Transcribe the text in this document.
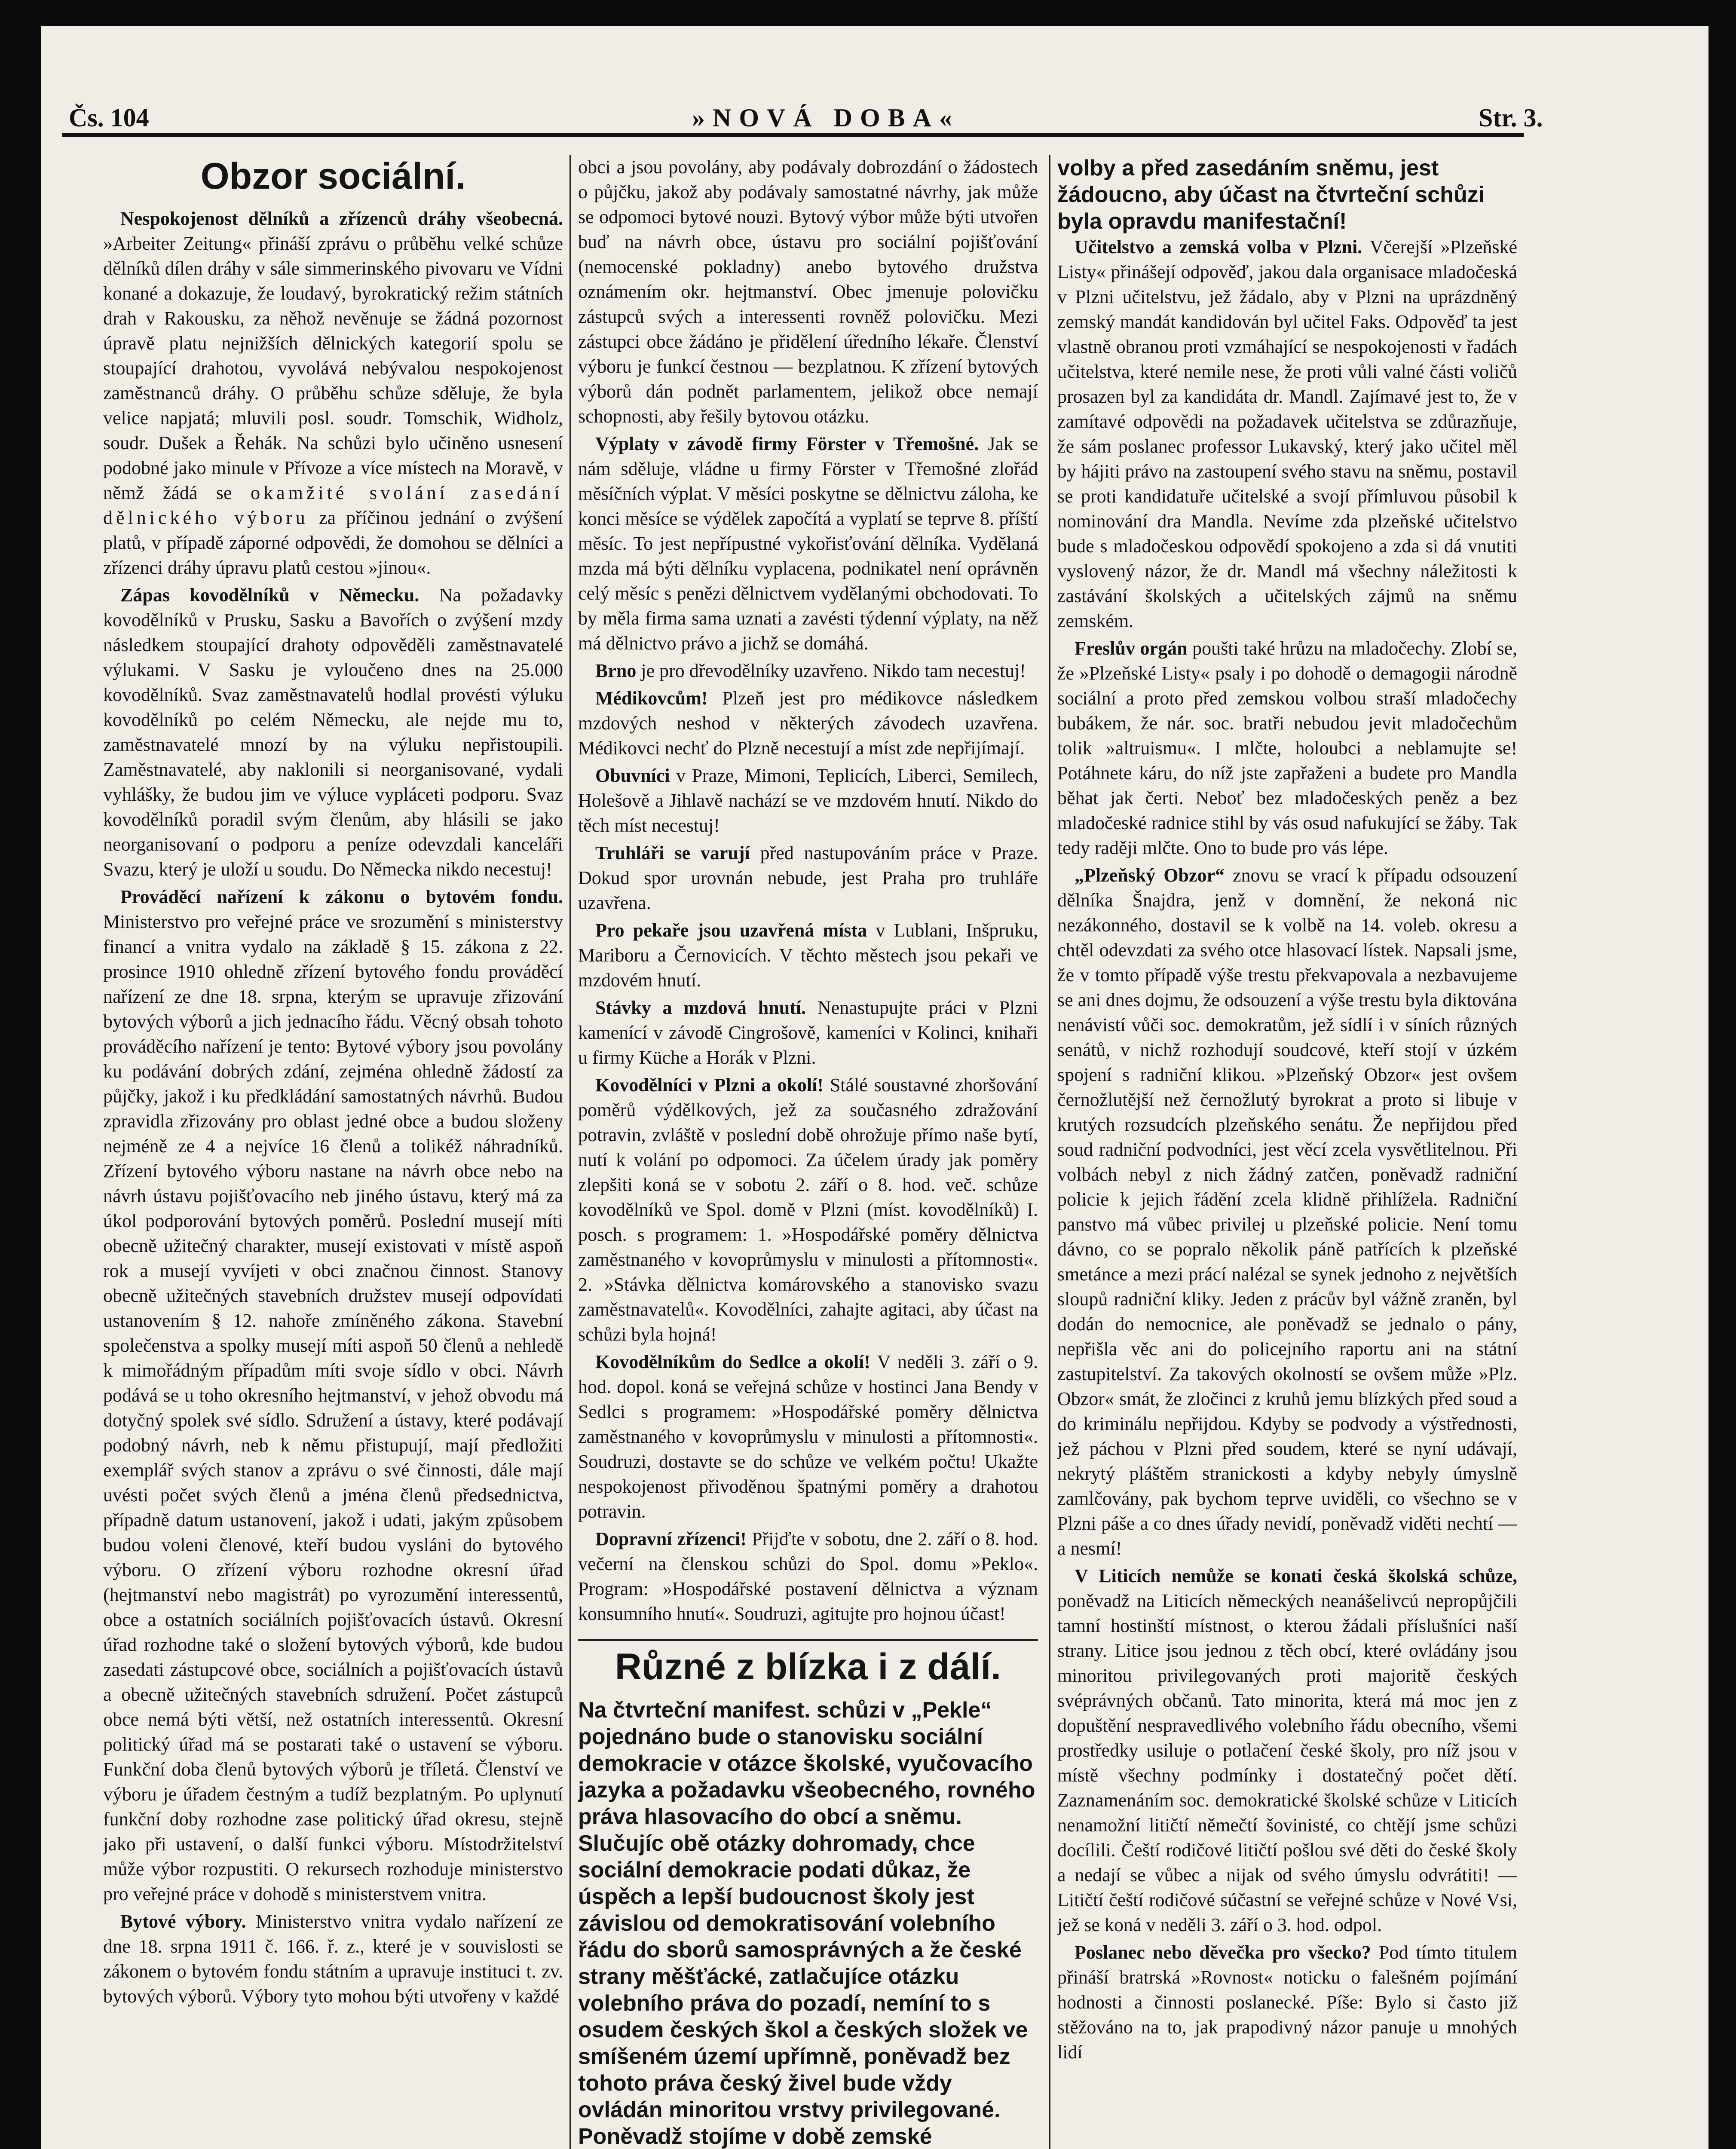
Čs. 104	»NOVÁ DOBA«	Str. 3.
Obzor sociální.

Nespokojenost dělníků a zřízenců dráhy všeobecná. »Arbeiter Zeitung« přináší zprávu o průběhu velké schůze dělníků dílen dráhy v sále simmerinského pivovaru ve Vídni konané a dokazuje, že loudavý, byrokratický režim státních drah v Rakousku, za něhož nevěnuje se žádná pozornost úpravě platu nejnižších dělnických kategorií spolu se stoupající drahotou, vyvolává nebývalou nespokojenost zaměstnanců dráhy. O průběhu schůze sděluje, že byla velice napjatá; mluvili posl. soudr. Tomschik, Widholz, soudr. Dušek a Řehák. Na schůzi bylo učiněno usnesení podobné jako minule v Přívoze a více místech na Moravě, v němž žádá se okamžité svolání zasedání dělnického výboru za příčinou jednání o zvýšení platů, v případě záporné odpovědi, že domohou se dělníci a zřízenci dráhy úpravu platů cestou »jinou«.

Zápas kovodělníků v Německu. Na požadavky kovodělníků v Prusku, Sasku a Bavořích o zvýšení mzdy následkem stoupající drahoty odpověděli zaměstnavatelé výlukami. V Sasku je vyloučeno dnes na 25.000 kovodělníků. Svaz zaměstnavatelů hodlal provésti výluku kovodělníků po celém Německu, ale nejde mu to, zaměstnavatelé mnozí by na výluku nepřistoupili. Zaměstnavatelé, aby naklonili si neorganisované, vydali vyhlášky, že budou jim ve výluce vypláceti podporu. Svaz kovodělníků poradil svým členům, aby hlásili se jako neorganisovaní o podporu a peníze odevzdali kanceláři Svazu, který je uloží u soudu. Do Německa nikdo necestuj!

Prováděcí nařízení k zákonu o bytovém fondu. Ministerstvo pro veřejné práce ve srozumění s ministerstvy financí a vnitra vydalo na základě § 15. zákona z 22. prosince 1910 ohledně zřízení bytového fondu prováděcí nařízení ze dne 18. srpna, kterým se upravuje zřizování bytových výborů a jich jednacího řádu. Věcný obsah tohoto prováděcího nařízení je tento: Bytové výbory jsou povolány ku podávání dobrých zdání, zejména ohledně žádostí za půjčky, jakož i ku předkládání samostatných návrhů. Budou zpravidla zřizovány pro oblast jedné obce a budou složeny nejméně ze 4 a nejvíce 16 členů a tolikéž náhradníků. Zřízení bytového výboru nastane na návrh obce nebo na návrh ústavu pojišťovacího neb jiného ústavu, který má za úkol podporování bytových poměrů. Poslední musejí míti obecně užitečný charakter, musejí existovati v místě aspoň rok a musejí vyvíjeti v obci značnou činnost. Stanovy obecně užitečných stavebních družstev musejí odpovídati ustanovením § 12. nahoře zmíněného zákona. Stavební společenstva a spolky musejí míti aspoň 50 členů a nehledě k mimořádným případům míti svoje sídlo v obci. Návrh podává se u toho okresního hejtmanství, v jehož obvodu má dotyčný spolek své sídlo. Sdružení a ústavy, které podávají podobný návrh, neb k němu přistupují, mají předložiti exemplář svých stanov a zprávu o své činnosti, dále mají uvésti počet svých členů a jména členů předsednictva, případně datum ustanovení, jakož i udati, jakým způsobem budou voleni členové, kteří budou vysláni do bytového výboru. O zřízení výboru rozhodne okresní úřad (hejtmanství nebo magistrát) po vyrozumění interessentů, obce a ostatních sociálních pojišťovacích ústavů. Okresní úřad rozhodne také o složení bytových výborů, kde budou zasedati zástupcové obce, sociálních a pojišťovacích ústavů a obecně užitečných stavebních sdružení. Počet zástupců obce nemá býti větší, než ostatních interessentů. Okresní politický úřad má se postarati také o ustavení se výboru. Funkční doba členů bytových výborů je tříletá. Členství ve výboru je úřadem čestným a tudíž bezplatným. Po uplynutí funkční doby rozhodne zase politický úřad okresu, stejně jako při ustavení, o další funkci výboru. Místodržitelství může výbor rozpustiti. O rekursech rozhoduje ministerstvo pro veřejné práce v dohodě s ministerstvem vnitra.

Bytové výbory. Ministerstvo vnitra vydalo nařízení ze dne 18. srpna 1911 č. 166. ř. z., které je v souvislosti se zákonem o bytovém fondu státním a upravuje instituci t. zv. bytových výborů. Výbory tyto mohou býti utvořeny v každé

obci a jsou povolány, aby podávaly dobrozdání o žádostech o půjčku, jakož aby podávaly samostatné návrhy, jak může se odpomoci bytové nouzi. Bytový výbor může býti utvořen buď na návrh obce, ústavu pro sociální pojišťování (nemocenské pokladny) anebo bytového družstva oznámením okr. hejtmanství. Obec jmenuje polovičku zástupců svých a interessenti rovněž polovičku. Mezi zástupci obce žádáno je přidělení úředního lékaře. Členství výboru je funkcí čestnou — bezplatnou. K zřízení bytových výborů dán podnět parlamentem, jelikož obce nemají schopnosti, aby řešily bytovou otázku.

Výplaty v závodě firmy Förster v Třemošné. Jak se nám sděluje, vládne u firmy Förster v Třemošné zlořád měsíčních výplat. V měsíci poskytne se dělnictvu záloha, ke konci měsíce se výdělek započítá a vyplatí se teprve 8. příští měsíc. To jest nepřípustné vykořisťování dělníka. Vydělaná mzda má býti dělníku vyplacena, podnikatel není oprávněn celý měsíc s penězi dělnictvem vydělanými obchodovati. To by měla firma sama uznati a zavésti týdenní výplaty, na něž má dělnictvo právo a jichž se domáhá.

Brno je pro dřevodělníky uzavřeno. Nikdo tam necestuj!

Médikovcům! Plzeň jest pro médikovce následkem mzdových neshod v některých závodech uzavřena. Médikovci nechť do Plzně necestují a míst zde nepřijímají.

Obuvníci v Praze, Mimoni, Teplicích, Liberci, Semilech, Holešově a Jihlavě nachází se ve mzdovém hnutí. Nikdo do těch míst necestuj!

Truhláři se varují před nastupováním práce v Praze. Dokud spor urovnán nebude, jest Praha pro truhláře uzavřena.

Pro pekaře jsou uzavřená místa v Lublani, Inšpruku, Mariboru a Černovicích. V těchto městech jsou pekaři ve mzdovém hnutí.

Stávky a mzdová hnutí. Nenastupujte práci v Plzni kamenící v závodě Cingrošově, kameníci v Kolinci, knihaři u firmy Küche a Horák v Plzni.

Kovodělníci v Plzni a okolí! Stálé soustavné zhoršování poměrů výdělkových, jež za současného zdražování potravin, zvláště v poslední době ohrožuje přímo naše bytí, nutí k volání po odpomoci. Za účelem úrady jak poměry zlepšiti koná se v sobotu 2. září o 8. hod. več. schůze kovodělníků ve Spol. domě v Plzni (míst. kovodělníků) I. posch. s programem: 1. »Hospodářské poměry dělnictva zaměstnaného v kovoprůmyslu v minulosti a přítomnosti«. 2. »Stávka dělnictva komárovského a stanovisko svazu zaměstnavatelů«. Kovodělníci, zahajte agitaci, aby účast na schůzi byla hojná!

Kovodělníkům do Sedlce a okolí! V neděli 3. září o 9. hod. dopol. koná se veřejná schůze v hostinci Jana Bendy v Sedlci s programem: »Hospodářské poměry dělnictva zaměstnaného v kovoprůmyslu v minulosti a přítomnosti«. Soudruzi, dostavte se do schůze ve velkém počtu! Ukažte nespokojenost přivoděnou špatnými poměry a drahotou potravin.

Dopravní zřízenci! Přijďte v sobotu, dne 2. září o 8. hod. večerní na členskou schůzi do Spol. domu »Peklo«. Program: »Hospodářské postavení dělnictva a význam konsumního hnutí«. Soudruzi, agitujte pro hojnou účast!

Různé z blízka i z dálí.
Na čtvrteční manifest. schůzi v „Pekle“ pojednáno bude o stanovisku sociální demokracie v otázce školské, vyučovacího jazyka a požadavku všeobecného, rovného práva hlasovacího do obcí a sněmu. Slučujíc obě otázky dohromady, chce sociální demokracie podati důkaz, že úspěch a lepší budoucnost školy jest závislou od demokratisování volebního řádu do sborů samosprávných a že české strany měšťácké, zatlačujíce otázku volebního práva do pozadí, nemíní to s osudem českých škol a českých složek ve smíšeném území upřímně, poněvadž bez tohoto práva český živel bude vždy ovládán minoritou vrstvy privilegované. Poněvadž stojíme v době zemské
volby a před zasedáním sněmu, jest žádoucno, aby účast na čtvrteční schůzi byla opravdu manifestační!

Učitelstvo a zemská volba v Plzni. Včerejší »Plzeňské Listy« přinášejí odpověď, jakou dala organisace mladočeská v Plzni učitelstvu, jež žádalo, aby v Plzni na uprázdněný zemský mandát kandidován byl učitel Faks. Odpověď ta jest vlastně obranou proti vzmáhající se nespokojenosti v řadách učitelstva, které nemile nese, že proti vůli valné části voličů prosazen byl za kandidáta dr. Mandl. Zajímavé jest to, že v zamítavé odpovědi na požadavek učitelstva se zdůrazňuje, že sám poslanec professor Lukavský, který jako učitel měl by hájiti právo na zastoupení svého stavu na sněmu, postavil se proti kandidatuře učitelské a svojí přímluvou působil k nominování dra Mandla. Nevíme zda plzeňské učitelstvo bude s mladočeskou odpovědí spokojeno a zda si dá vnutiti vyslovený názor, že dr. Mandl má všechny náležitosti k zastávání školských a učitelských zájmů na sněmu zemském.

Freslův orgán poušti také hrůzu na mladočechy. Zlobí se, že »Plzeňské Listy« psaly i po dohodě o demagogii národně sociální a proto před zemskou volbou straší mladočechy bubákem, že nár. soc. bratři nebudou jevit mladočechům tolik »altruismu«. I mlčte, holoubci a neblamujte se! Potáhnete káru, do níž jste zapřaženi a budete pro Mandla běhat jak čerti. Neboť bez mladočeských peněz a bez mladočeské radnice stihl by vás osud nafukující se žáby. Tak tedy raději mlčte. Ono to bude pro vás lépe.

„Plzeňský Obzor“ znovu se vrací k případu odsouzení dělníka Šnajdra, jenž v domnění, že nekoná nic nezákonného, dostavil se k volbě na 14. voleb. okresu a chtěl odevzdati za svého otce hlasovací lístek. Napsali jsme, že v tomto případě výše trestu překvapovala a nezbavujeme se ani dnes dojmu, že odsouzení a výše trestu byla diktována nenávistí vůči soc. demokratům, jež sídlí i v síních různých senátů, v nichž rozhodují soudcové, kteří stojí v úzkém spojení s radniční klikou. »Plzeňský Obzor« jest ovšem černožlutější než černožlutý byrokrat a proto si libuje v krutých rozsudcích plzeňského senátu. Že nepřijdou před soud radniční podvodníci, jest věcí zcela vysvětlitelnou. Při volbách nebyl z nich žádný zatčen, poněvadž radniční policie k jejich řádění zcela klidně přihlížela. Radniční panstvo má vůbec privilej u plzeňské policie. Není tomu dávno, co se popralo několik páně patřících k plzeňské smetánce a mezi prácí nalézal se synek jednoho z největších sloupů radniční kliky. Jeden z prácův byl vážně zraněn, byl dodán do nemocnice, ale poněvadž se jednalo o pány, nepřišla věc ani do policejního raportu ani na státní zastupitelství. Za takových okolností se ovšem může »Plz. Obzor« smát, že zločinci z kruhů jemu blízkých před soud a do kriminálu nepřijdou. Kdyby se podvody a výstřednosti, jež páchou v Plzni před soudem, které se nyní udávají, nekrytý pláštěm stranickosti a kdyby nebyly úmyslně zamlčovány, pak bychom teprve uviděli, co všechno se v Plzni páše a co dnes úřady nevidí, poněvadž viděti nechtí — a nesmí!

V Liticích nemůže se konati česká školská schůze, poněvadž na Liticích německých neanášelivcú nepropůjčili tamní hostinští místnost, o kterou žádali příslušníci naší strany. Litice jsou jednou z těch obcí, které ovládány jsou minoritou privilegovaných proti majoritě českých svéprávných občanů. Tato minorita, která má moc jen z dopuštění nespravedlivého volebního řádu obecního, všemi prostředky usiluje o potlačení české školy, pro níž jsou v místě všechny podmínky i dostatečný počet dětí. Zaznamenáním soc. demokratické školské schůze v Liticích nenamožní litičtí němečtí šovinisté, co chtějí jsme schůzi docílili. Čeští rodičové litičtí pošlou své děti do české školy a nedají se vůbec a nijak od svého úmyslu odvrátiti! — Litičtí čeští rodičové súčastní se veřejné schůze v Nové Vsi, jež se koná v neděli 3. září o 3. hod. odpol.

Poslanec nebo děvečka pro všecko? Pod tímto titulem přináší bratrská »Rovnost« noticku o falešném pojímání hodnosti a činnosti poslanecké. Píše: Bylo si často již stěžováno na to, jak prapodivný názor panuje u mnohých lidí
